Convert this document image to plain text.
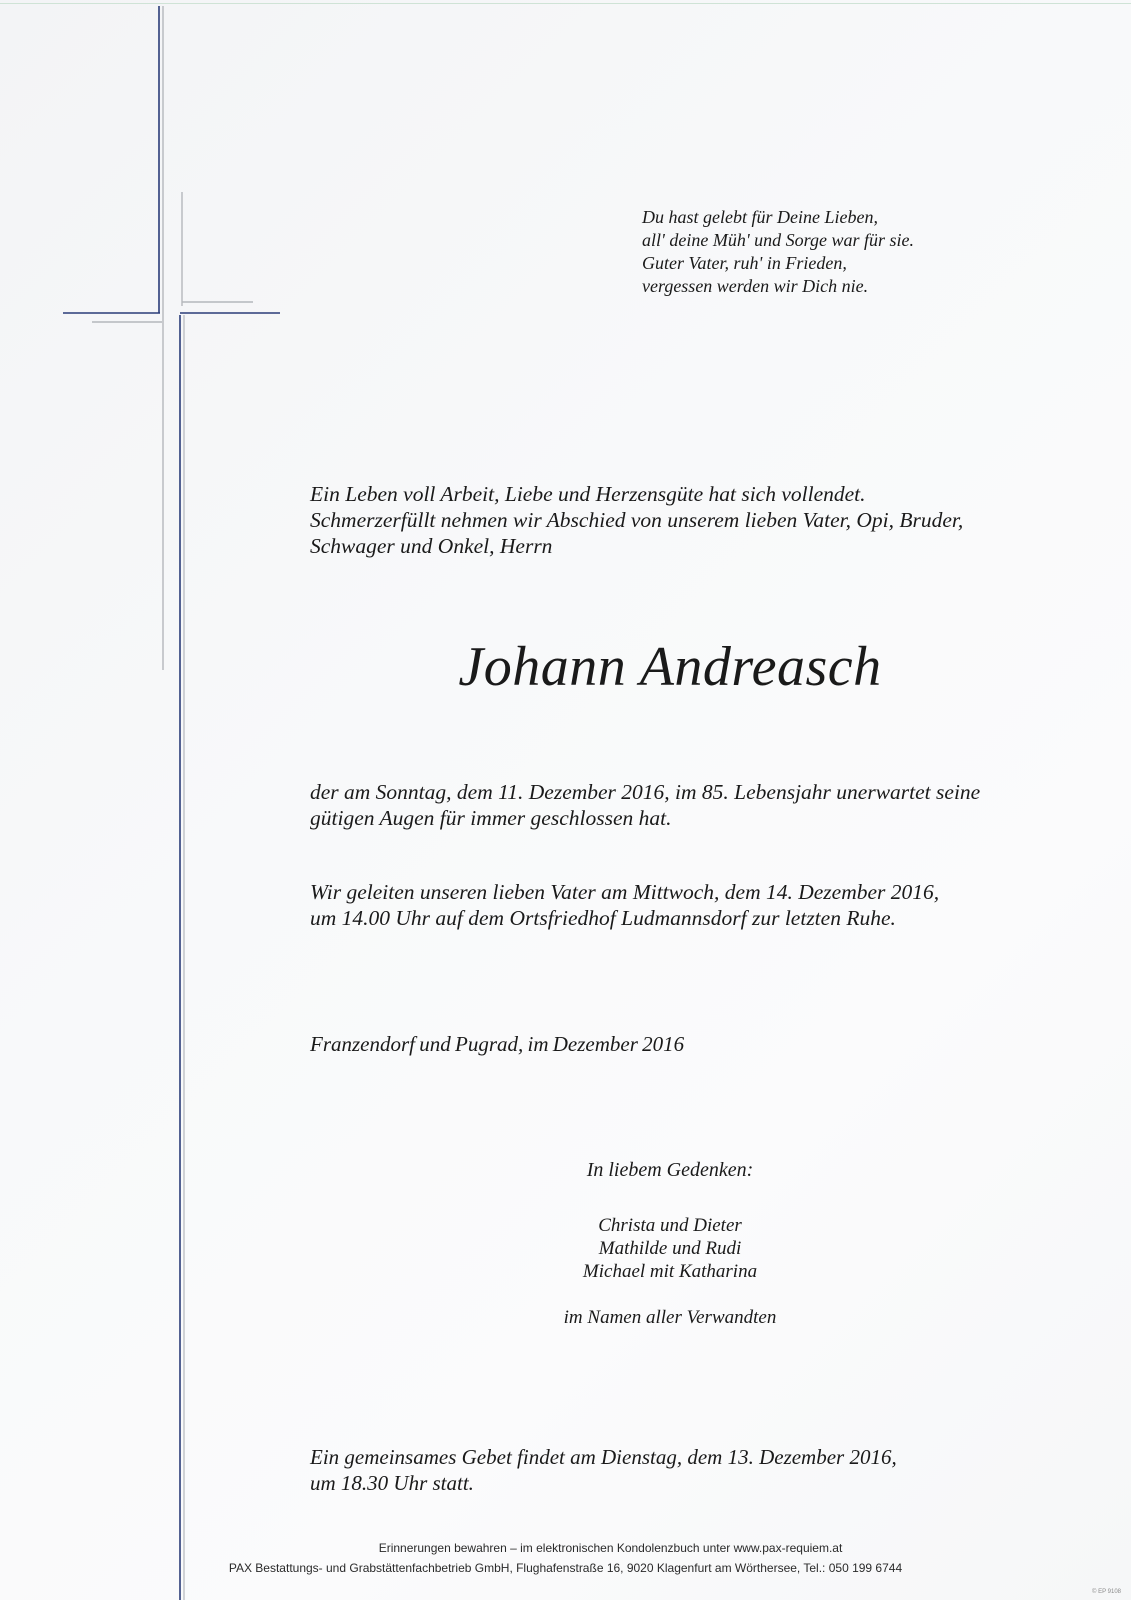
Du hast gelebt für Deine Lieben,
all' deine Müh' und Sorge war für sie.
Guter Vater, ruh' in Frieden,
vergessen werden wir Dich nie.
Ein Leben voll Arbeit, Liebe und Herzensgüte hat sich vollendet.
Schmerzerfüllt nehmen wir Abschied von unserem lieben Vater, Opi, Bruder,
Schwager und Onkel, Herrn
Johann Andreasch
der am Sonntag, dem 11. Dezember 2016, im 85. Lebensjahr unerwartet seine
gütigen Augen für immer geschlossen hat.
Wir geleiten unseren lieben Vater am Mittwoch, dem 14. Dezember 2016,
um 14.00 Uhr auf dem Ortsfriedhof Ludmannsdorf zur letzten Ruhe.
Franzendorf und Pugrad, im Dezember 2016
In liebem Gedenken:
Christa und Dieter
Mathilde und Rudi
Michael mit Katharina
im Namen aller Verwandten
Ein gemeinsames Gebet findet am Dienstag, dem 13. Dezember 2016,
um 18.30 Uhr statt.
Erinnerungen bewahren – im elektronischen Kondolenzbuch unter www.pax-requiem.at
PAX Bestattungs- und Grabstättenfachbetrieb GmbH, Flughafenstraße 16, 9020 Klagenfurt am Wörthersee, Tel.: 050 199 6744
© EP 9108
